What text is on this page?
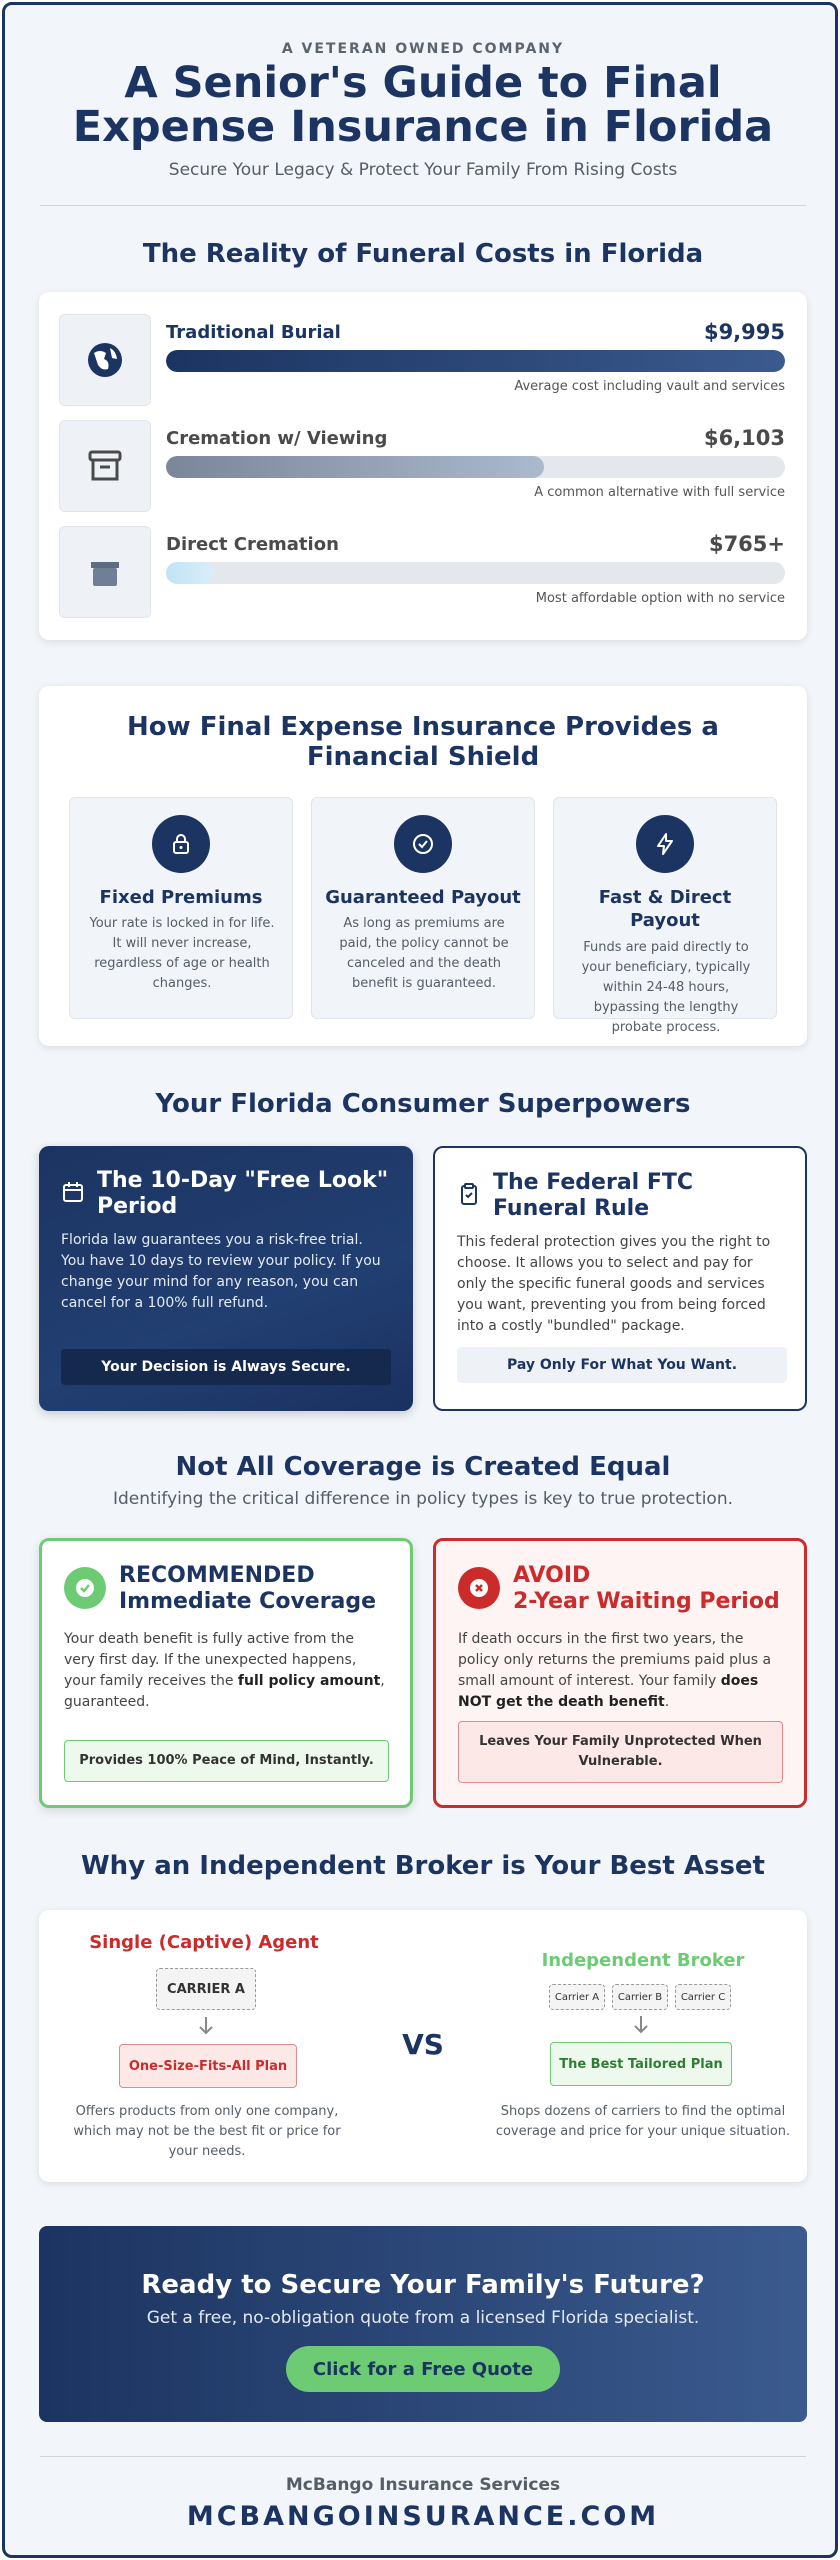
A VETERAN OWNED COMPANY
A Senior's Guide to Final
Expense Insurance in Florida
Secure Your Legacy & Protect Your Family From Rising Costs
The Reality of Funeral Costs in Florida
Traditional Burial	$9,995
Average cost including vault and services
Cremation w/ Viewing	$6,103
A common alternative with full service
Direct Cremation	$765+
Most affordable option with no service
How Final Expense Insurance Provides a
Financial Shield
Fixed Premiums
Your rate is locked in for life.
It will never increase,
regardless of age or health
changes.
Guaranteed Payout
As long as premiums are
paid, the policy cannot be
canceled and the death
benefit is guaranteed.
Fast & Direct
Payout
Funds are paid directly to
your beneficiary, typically
within 24-48 hours,
bypassing the lengthy
probate process.
Your Florida Consumer Superpowers
The 10-Day "Free Look"
Period
Florida law guarantees you a risk-free trial.
You have 10 days to review your policy. If you
change your mind for any reason, you can
cancel for a 100% full refund.
Your Decision is Always Secure.
The Federal FTC
Funeral Rule
This federal protection gives you the right to
choose. It allows you to select and pay for
only the specific funeral goods and services
you want, preventing you from being forced
into a costly "bundled" package.
Pay Only For What You Want.
Not All Coverage is Created Equal
Identifying the critical difference in policy types is key to true protection.
RECOMMENDED
Immediate Coverage
Your death benefit is fully active from the
very first day. If the unexpected happens,
your family receives the full policy amount,
guaranteed.
Provides 100% Peace of Mind, Instantly.
AVOID
2-Year Waiting Period
If death occurs in the first two years, the
policy only returns the premiums paid plus a
small amount of interest. Your family does
NOT get the death benefit.
Leaves Your Family Unprotected When
Vulnerable.
Why an Independent Broker is Your Best Asset
Single (Captive) Agent
CARRIER A
One-Size-Fits-All Plan
Offers products from only one company,
which may not be the best fit or price for
your needs.
VS
Independent Broker
Carrier A	Carrier B	Carrier C
The Best Tailored Plan
Shops dozens of carriers to find the optimal
coverage and price for your unique situation.
Ready to Secure Your Family's Future?
Get a free, no-obligation quote from a licensed Florida specialist.
Click for a Free Quote
McBango Insurance Services
MCBANGOINSURANCE.COM
